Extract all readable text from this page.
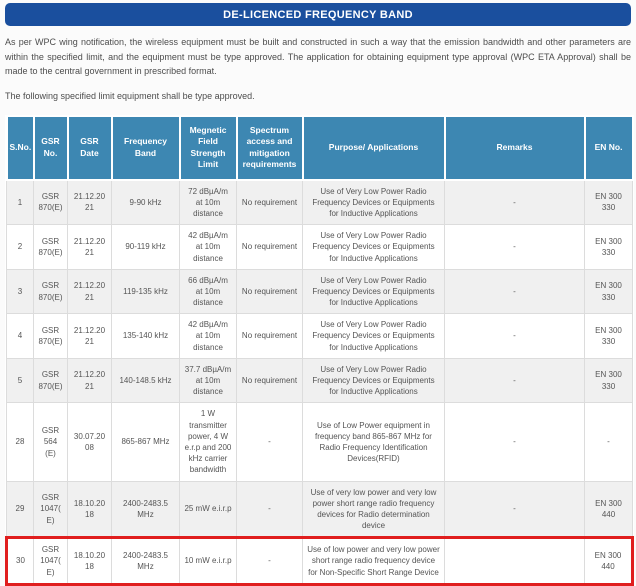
DE-LICENCED FREQUENCY BAND

As per WPC wing notification, the wireless equipment must be built and constructed in such a way that the emission bandwidth and other parameters are within the specified limit, and the equipment must be type approved. The application for obtaining equipment type approval (WPC ETA Approval) shall be made to the central government in prescribed format.

The following specified limit equipment shall be type approved.

S.No.	GSR No.	GSR Date	Frequency Band	Megnetic Field Strength Limit	Spectrum access and mitigation requirements	Purpose/ Applications	Remarks	EN No.
1	GSR 870(E)	21.12.2021	9-90 kHz	72 dBµA/m at 10m distance	No requirement	Use of Very Low Power Radio Frequency Devices or Equipments for Inductive Applications	-	EN 300 330
2	GSR 870(E)	21.12.2021	90-119 kHz	42 dBµA/m at 10m distance	No requirement	Use of Very Low Power Radio Frequency Devices or Equipments for Inductive Applications	-	EN 300 330
3	GSR 870(E)	21.12.2021	119-135 kHz	66 dBµA/m at 10m distance	No requirement	Use of Very Low Power Radio Frequency Devices or Equipments for Inductive Applications	-	EN 300 330
4	GSR 870(E)	21.12.2021	135-140 kHz	42 dBµA/m at 10m distance	No requirement	Use of Very Low Power Radio Frequency Devices or Equipments for Inductive Applications	-	EN 300 330
5	GSR 870(E)	21.12.2021	140-148.5 kHz	37.7 dBµA/m at 10m distance	No requirement	Use of Very Low Power Radio Frequency Devices or Equipments for Inductive Applications	-	EN 300 330
28	GSR 564 (E)	30.07.2008	865-867 MHz	1 W transmitter power, 4 W e.r.p and 200 kHz carrier bandwidth	-	Use of Low Power equipment in frequency band 865-867 MHz for Radio Frequency Identification Devices(RFID)	-	-
29	GSR 1047(E)	18.10.2018	2400-2483.5 MHz	25 mW e.i.r.p	-	Use of very low power and very low power short range radio frequency devices for Radio determination device	-	EN 300 440
30	GSR 1047(E)	18.10.2018	2400-2483.5 MHz	10 mW e.i.r.p	-	Use of low power and very low power short range radio frequency device for Non-Specific Short Range Device		EN 300 440
